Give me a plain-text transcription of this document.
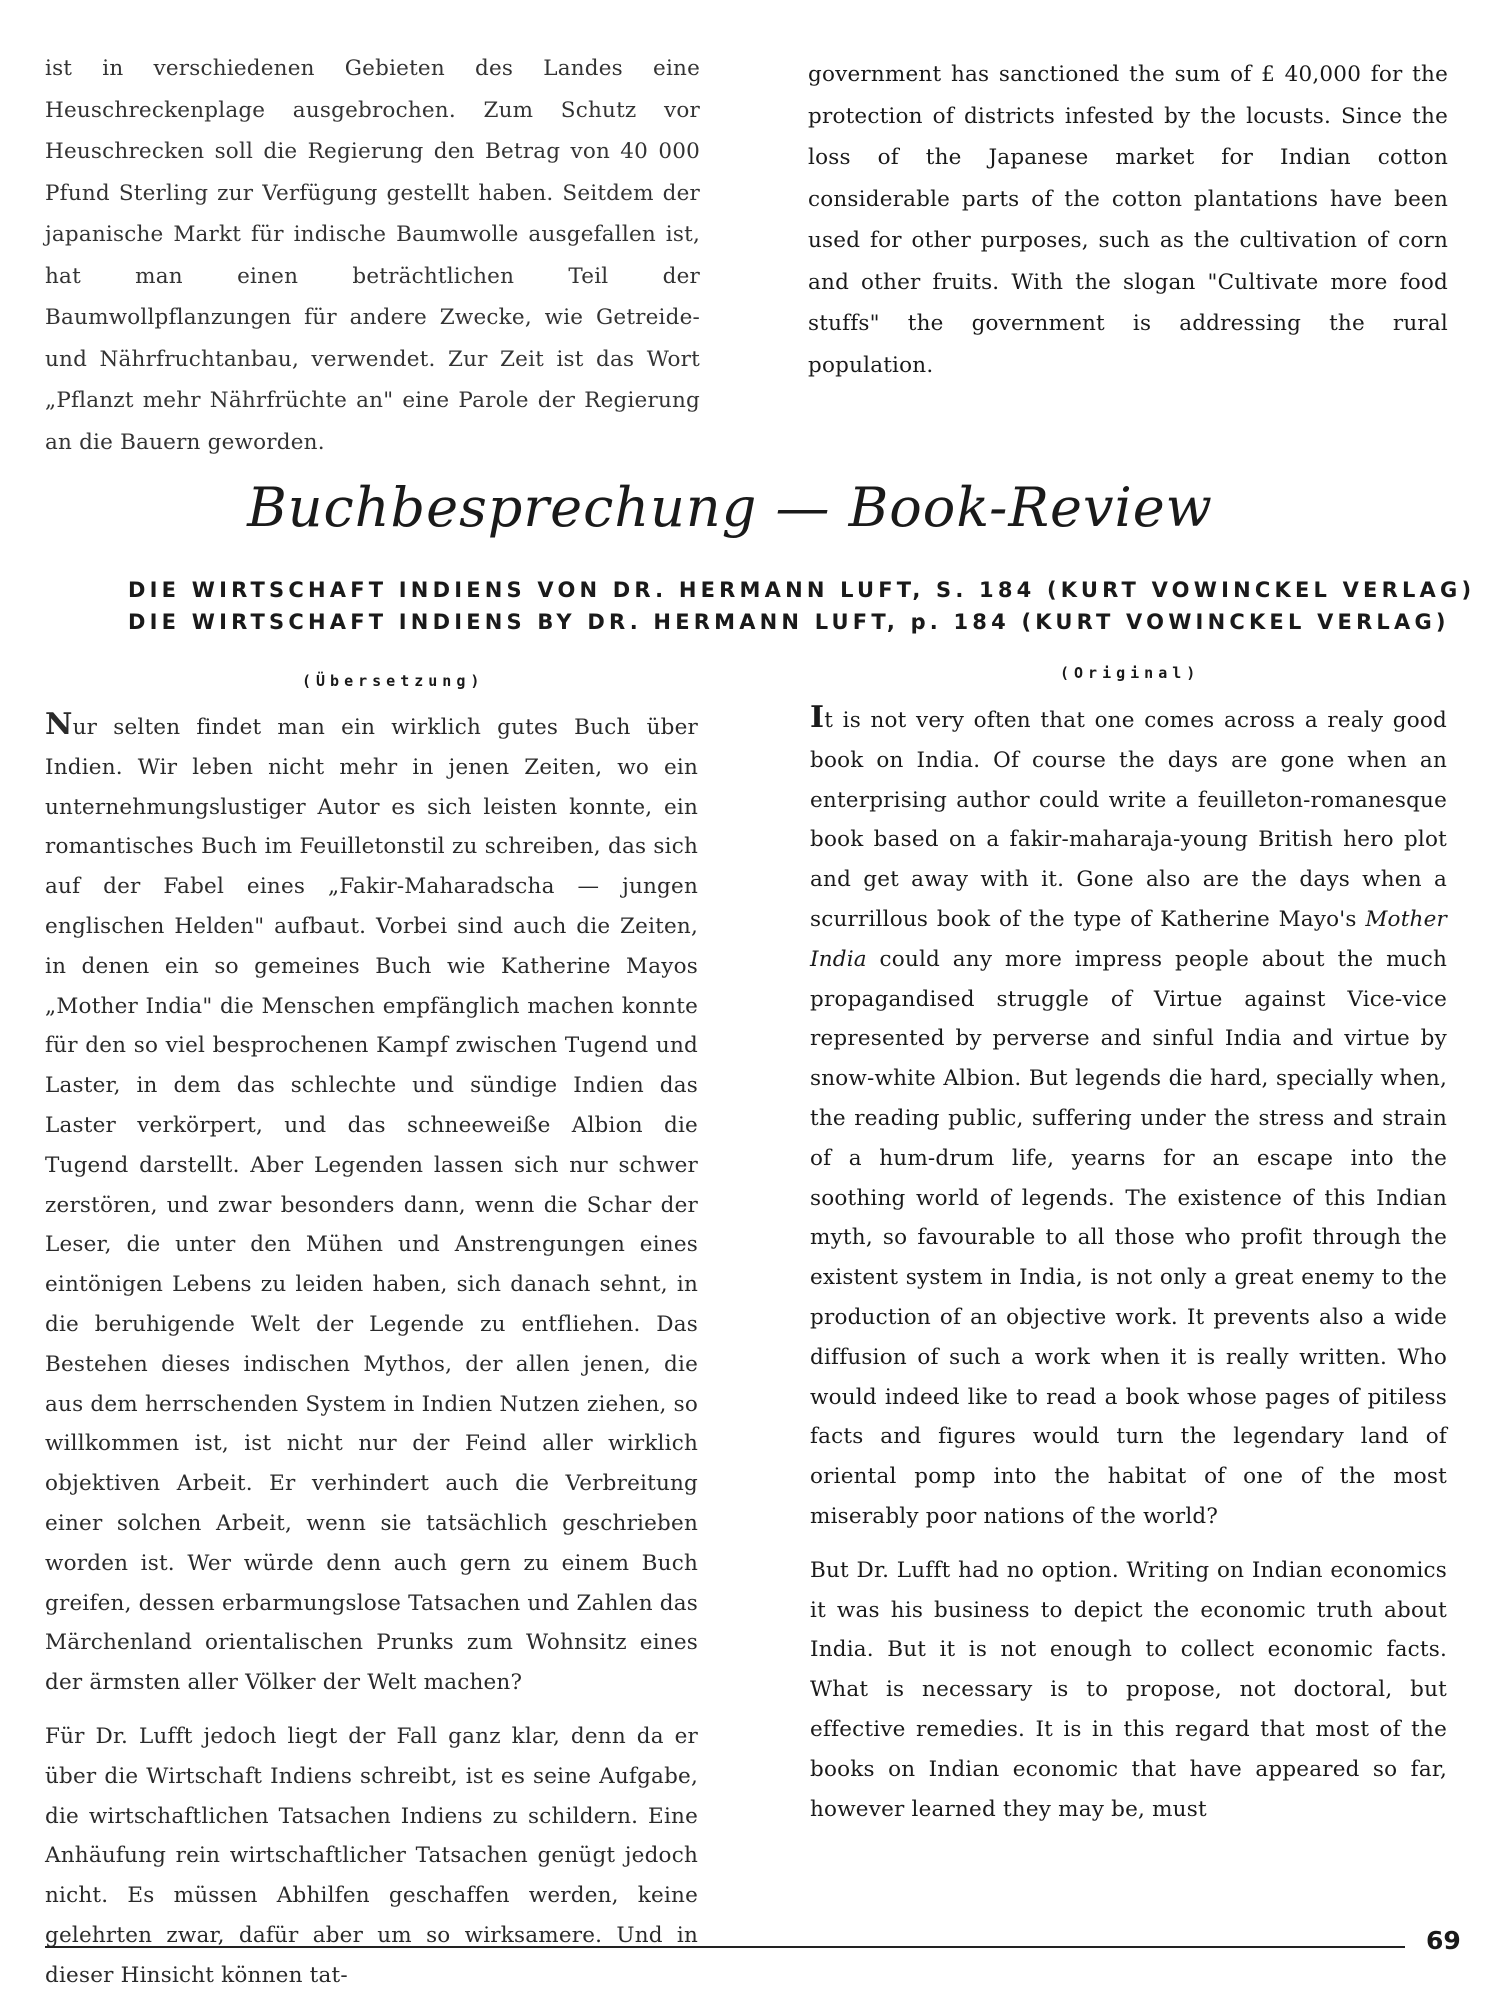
ist in verschiedenen Gebieten des Landes eine Heuschreckenplage ausgebrochen. Zum Schutz vor Heuschrecken soll die Regierung den Betrag von 40 000 Pfund Sterling zur Verfügung gestellt haben. Seitdem der japanische Markt für indische Baumwolle ausgefallen ist, hat man einen beträchtlichen Teil der Baumwollpflanzungen für andere Zwecke, wie Getreide- und Nährfruchtanbau, verwendet. Zur Zeit ist das Wort „Pflanzt mehr Nährfrüchte an" eine Parole der Regierung an die Bauern geworden.

government has sanctioned the sum of £ 40,000 for the protection of districts infested by the locusts. Since the loss of the Japanese market for Indian cotton considerable parts of the cotton plantations have been used for other purposes, such as the cultivation of corn and other fruits. With the slogan "Cultivate more food stuffs" the government is addressing the rural population.

Buchbesprechung — Book-Review

DIE WIRTSCHAFT INDIENS VON DR. HERMANN LUFT, S. 184 (KURT VOWINCKEL VERLAG)

DIE WIRTSCHAFT INDIENS BY DR. HERMANN LUFT, p. 184 (KURT VOWINCKEL VERLAG)

(Übersetzung)	(Original)

Nur selten findet man ein wirklich gutes Buch über Indien. Wir leben nicht mehr in jenen Zeiten, wo ein unternehmungslustiger Autor es sich leisten konnte, ein romantisches Buch im Feuilletonstil zu schreiben, das sich auf der Fabel eines „Fakir-Maharadscha — jungen englischen Helden" aufbaut. Vorbei sind auch die Zeiten, in denen ein so gemeines Buch wie Katherine Mayos „Mother India" die Menschen empfänglich machen konnte für den so viel besprochenen Kampf zwischen Tugend und Laster, in dem das schlechte und sündige Indien das Laster verkörpert, und das schneeweiße Albion die Tugend darstellt. Aber Legenden lassen sich nur schwer zerstören, und zwar besonders dann, wenn die Schar der Leser, die unter den Mühen und Anstrengungen eines eintönigen Lebens zu leiden haben, sich danach sehnt, in die beruhigende Welt der Legende zu entfliehen. Das Bestehen dieses indischen Mythos, der allen jenen, die aus dem herrschenden System in Indien Nutzen ziehen, so willkommen ist, ist nicht nur der Feind aller wirklich objektiven Arbeit. Er verhindert auch die Verbreitung einer solchen Arbeit, wenn sie tatsächlich geschrieben worden ist. Wer würde denn auch gern zu einem Buch greifen, dessen erbarmungslose Tatsachen und Zahlen das Märchenland orientalischen Prunks zum Wohnsitz eines der ärmsten aller Völker der Welt machen?

Für Dr. Lufft jedoch liegt der Fall ganz klar, denn da er über die Wirtschaft Indiens schreibt, ist es seine Aufgabe, die wirtschaftlichen Tatsachen Indiens zu schildern. Eine Anhäufung rein wirtschaftlicher Tatsachen genügt jedoch nicht. Es müssen Abhilfen geschaffen werden, keine gelehrten zwar, dafür aber um so wirksamere. Und in dieser Hinsicht können tat-

It is not very often that one comes across a realy good book on India. Of course the days are gone when an enterprising author could write a feuilleton-romanesque book based on a fakir-maharaja-young British hero plot and get away with it. Gone also are the days when a scurrillous book of the type of Katherine Mayo's Mother India could any more impress people about the much propagandised struggle of Virtue against Vice-vice represented by perverse and sinful India and virtue by snow-white Albion. But legends die hard, specially when, the reading public, suffering under the stress and strain of a hum-drum life, yearns for an escape into the soothing world of legends. The existence of this Indian myth, so favourable to all those who profit through the existent system in India, is not only a great enemy to the production of an objective work. It prevents also a wide diffusion of such a work when it is really written. Who would indeed like to read a book whose pages of pitiless facts and figures would turn the legendary land of oriental pomp into the habitat of one of the most miserably poor nations of the world?

But Dr. Lufft had no option. Writing on Indian economics it was his business to depict the economic truth about India. But it is not enough to collect economic facts. What is necessary is to propose, not doctoral, but effective remedies. It is in this regard that most of the books on Indian economic that have appeared so far, however learned they may be, must

69
